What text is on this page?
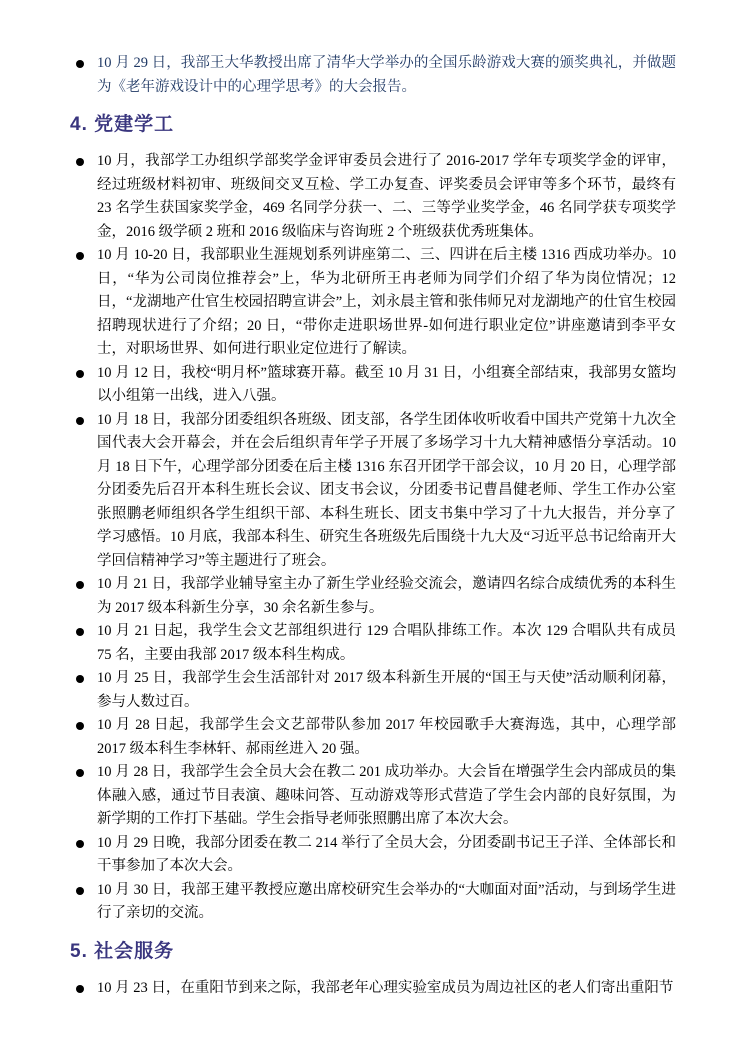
10 月 29 日，我部王大华教授出席了清华大学举办的全国乐龄游戏大赛的颁奖典礼，并做题为《老年游戏设计中的心理学思考》的大会报告。
4. 党建学工
10 月，我部学工办组织学部奖学金评审委员会进行了 2016-2017 学年专项奖学金的评审，经过班级材料初审、班级间交叉互检、学工办复查、评奖委员会评审等多个环节，最终有 23 名学生获国家奖学金，469 名同学分获一、二、三等学业奖学金，46 名同学获专项奖学金，2016 级学硕 2 班和 2016 级临床与咨询班 2 个班级获优秀班集体。
10 月 10-20 日，我部职业生涯规划系列讲座第二、三、四讲在后主楼 1316 西成功举办。10 日，“华为公司岗位推荐会”上，华为北研所王冉老师为同学们介绍了华为岗位情况；12 日，“龙湖地产仕官生校园招聘宣讲会”上，刘永晨主管和张伟师兄对龙湖地产的仕官生校园招聘现状进行了介绍；20 日，“带你走进职场世界-如何进行职业定位”讲座邀请到李平女士，对职场世界、如何进行职业定位进行了解读。
10 月 12 日，我校“明月杯”篮球赛开幕。截至 10 月 31 日，小组赛全部结束，我部男女篮均以小组第一出线，进入八强。
10 月 18 日，我部分团委组织各班级、团支部，各学生团体收听收看中国共产党第十九次全国代表大会开幕会，并在会后组织青年学子开展了多场学习十九大精神感悟分享活动。10 月 18 日下午，心理学部分团委在后主楼 1316 东召开团学干部会议，10 月 20 日，心理学部分团委先后召开本科生班长会议、团支书会议，分团委书记曹昌健老师、学生工作办公室张照鹏老师组织各学生组织干部、本科生班长、团支书集中学习了十九大报告，并分享了学习感悟。10 月底，我部本科生、研究生各班级先后围绕十九大及“习近平总书记给南开大学回信精神学习”等主题进行了班会。
10 月 21 日，我部学业辅导室主办了新生学业经验交流会，邀请四名综合成绩优秀的本科生为 2017 级本科新生分享，30 余名新生参与。
10 月 21 日起，我学生会文艺部组织进行 129 合唱队排练工作。本次 129 合唱队共有成员 75 名，主要由我部 2017 级本科生构成。
10 月 25 日，我部学生会生活部针对 2017 级本科新生开展的“国王与天使”活动顺利闭幕，参与人数过百。
10 月 28 日起，我部学生会文艺部带队参加 2017 年校园歌手大赛海选，其中，心理学部 2017 级本科生李林轩、郝雨丝进入 20 强。
10 月 28 日，我部学生会全员大会在教二 201 成功举办。大会旨在增强学生会内部成员的集体融入感，通过节目表演、趣味问答、互动游戏等形式营造了学生会内部的良好氛围，为新学期的工作打下基础。学生会指导老师张照鹏出席了本次大会。
10 月 29 日晚，我部分团委在教二 214 举行了全员大会，分团委副书记王子洋、全体部长和干事参加了本次大会。
10 月 30 日，我部王建平教授应邀出席校研究生会举办的“大咖面对面”活动，与到场学生进行了亲切的交流。
5. 社会服务
10 月 23 日，在重阳节到来之际，我部老年心理实验室成员为周边社区的老人们寄出重阳节
